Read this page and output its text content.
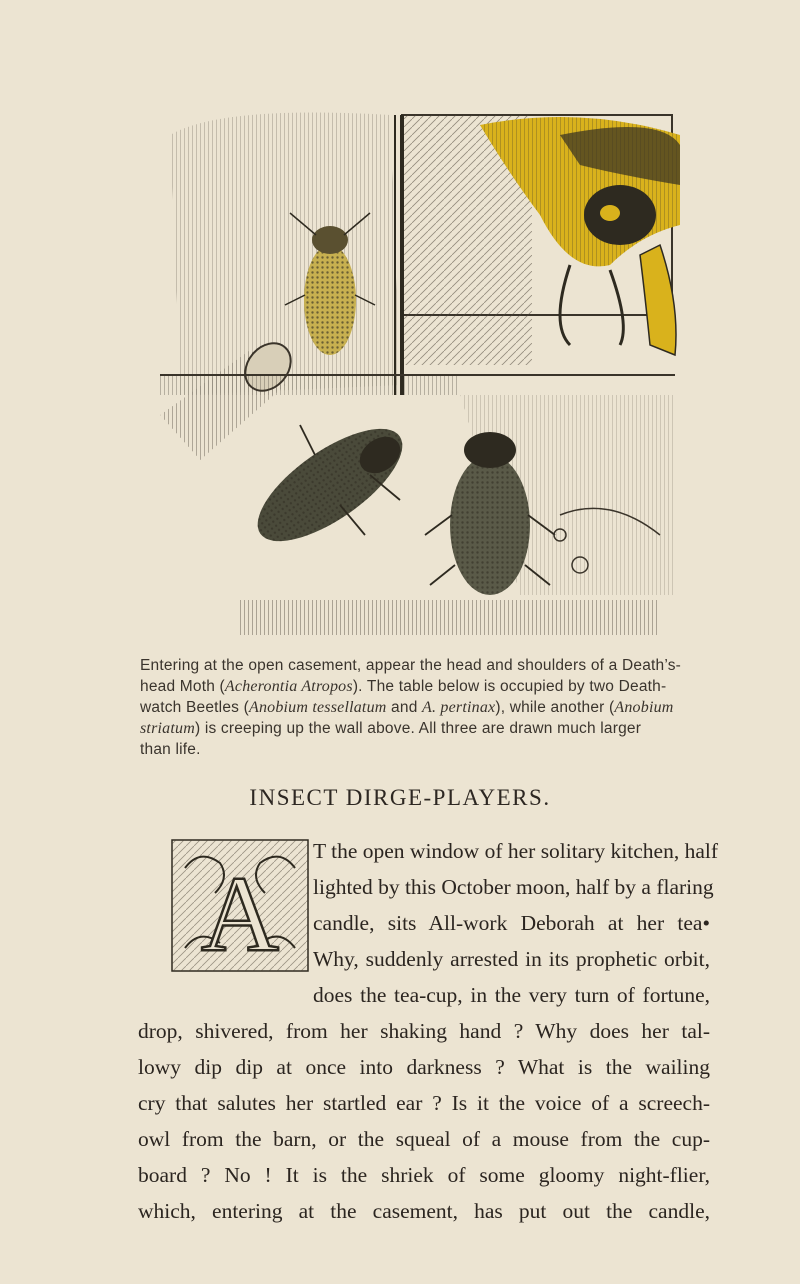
Entering at the open casement, appear the head and shoulders of a Death’s-
head Moth (Acherontia Atropos). The table below is occupied by two Death-
watch Beetles (Anobium tessellatum and A. pertinax), while another (Anobium
striatum) is creeping up the wall above. All three are drawn much larger
than life.
INSECT DIRGE-PLAYERS.
A
T the open window of her solitary kitchen, half
lighted by this October moon, half by a flaring
candle, sits All-work Deborah at her tea•
Why, suddenly arrested in its prophetic orbit,
does the tea-cup, in the very turn of fortune,
drop, shivered, from her shaking hand ? Why does her tal-
lowy dip dip at once into darkness ? What is the wailing
cry that salutes her startled ear ? Is it the voice of a screech-
owl from the barn, or the squeal of a mouse from the cup-
board ? No ! It is the shriek of some gloomy night-flier,
which, entering at the casement, has put out the candle,
